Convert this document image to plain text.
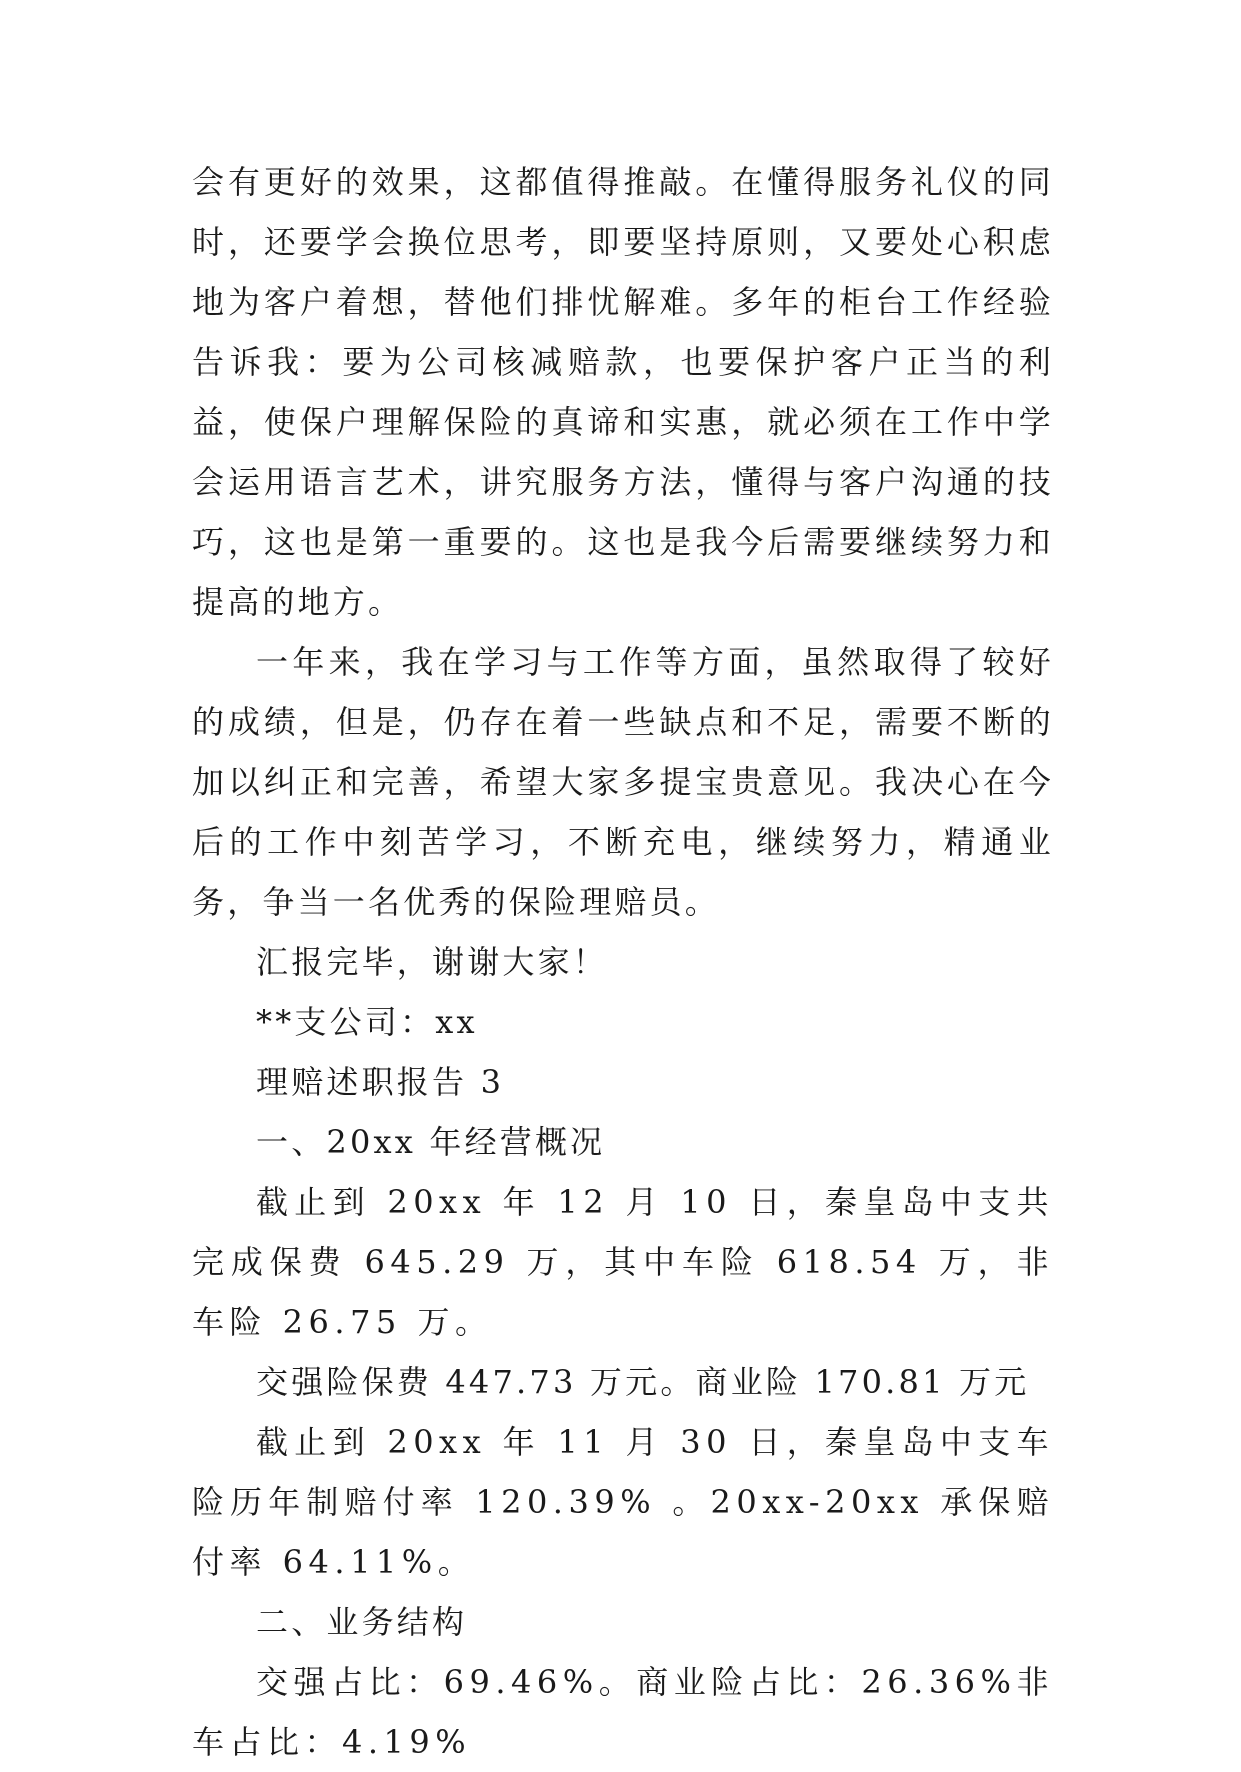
会有更好的效果，这都值得推敲。在懂得服务礼仪的同时，还要学会换位思考，即要坚持原则，又要处心积虑地为客户着想，替他们排忧解难。多年的柜台工作经验告诉我：要为公司核减赔款，也要保护客户正当的利益，使保户理解保险的真谛和实惠，就必须在工作中学会运用语言艺术，讲究服务方法，懂得与客户沟通的技巧，这也是第一重要的。这也是我今后需要继续努力和提高的地方。

一年来，我在学习与工作等方面，虽然取得了较好的成绩，但是，仍存在着一些缺点和不足，需要不断的加以纠正和完善，希望大家多提宝贵意见。我决心在今后的工作中刻苦学习，不断充电，继续努力，精通业务，争当一名优秀的保险理赔员。

汇报完毕，谢谢大家！

**支公司：xx

理赔述职报告 3

一、20xx 年经营概况

截止到 20xx 年 12 月 10 日，秦皇岛中支共完成保费 645.29 万，其中车险 618.54 万，非车险 26.75 万。

交强险保费 447.73 万元。商业险 170.81 万元

截止到 20xx 年 11 月 30 日，秦皇岛中支车险历年制赔付率 120.39% 。20xx-20xx 承保赔付率 64.11%。

二、业务结构

交强占比：69.46%。商业险占比：26.36%非车占比：4.19%
